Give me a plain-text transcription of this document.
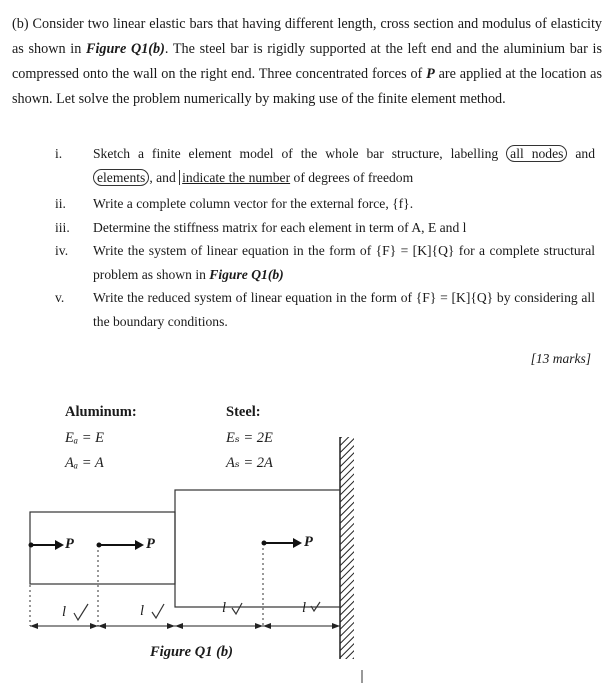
(b) Consider two linear elastic bars that having different length, cross section and modulus of elasticity as shown in Figure Q1(b). The steel bar is rigidly supported at the left end and the aluminium bar is compressed onto the wall on the right end. Three concentrated forces of P are applied at the location as shown. Let solve the problem numerically by making use of the finite element method.
i.	Sketch a finite element model of the whole bar structure, labelling all nodes and elements , and indicate the number of degrees of freedom
ii.	Write a complete column vector for the external force, {f}.
iii.	Determine the stiffness matrix for each element in term of A, E and l
iv.	Write the system of linear equation in the form of {F} = [K]{Q} for a complete structural problem as shown in Figure Q1(b)
v.	Write the reduced system of linear equation in the form of {F} = [K]{Q} by considering all the boundary conditions.
[13 marks]
Aluminum:
Eₐ = E
Aₐ = A
Steel:
Eₛ = 2E
Aₛ = 2A
P	P	P
l	l	l	l
Figure Q1 (b)
